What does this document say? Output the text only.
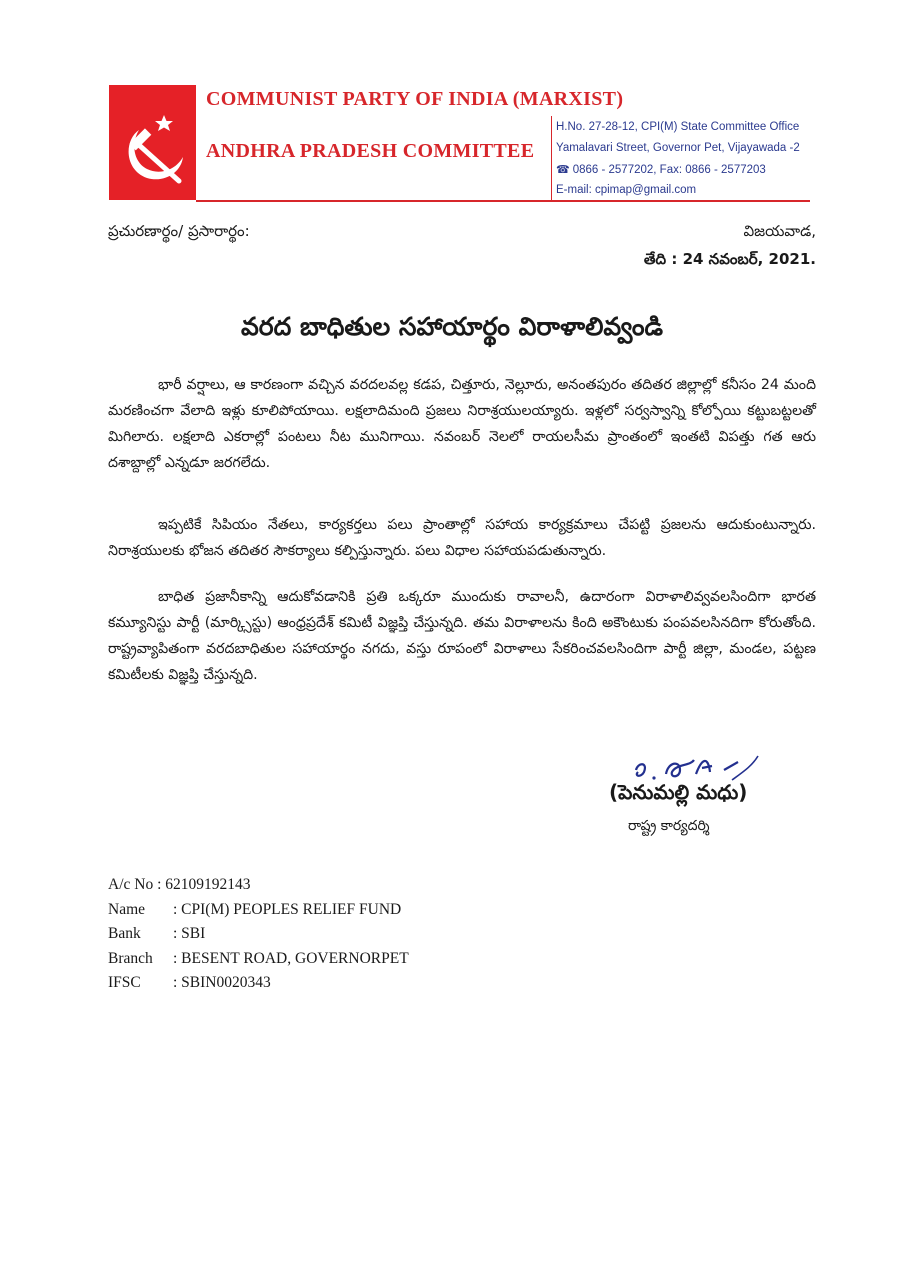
COMMUNIST PARTY OF INDIA (MARXIST)
ANDHRA PRADESH COMMITTEE
H.No. 27-28-12, CPI(M) State Committee Office
Yamalavari Street, Governor Pet, Vijayawada -2
☎ 0866 - 2577202, Fax: 0866 - 2577203
E-mail: cpimap@gmail.com
ప్రచురణార్థం/ ప్రసారార్థం:	విజయవాడ,
తేది : 24 నవంబర్, 2021.
వరద బాధితుల సహాయార్థం విరాళాలివ్వండి
భారీ వర్షాలు, ఆ కారణంగా వచ్చిన వరదలవల్ల కడప, చిత్తూరు, నెల్లూరు, అనంతపురం తదితర జిల్లాల్లో కనీసం 24 మంది మరణించగా వేలాది ఇళ్లు కూలిపోయాయి. లక్షలాదిమంది ప్రజలు నిరాశ్రయులయ్యారు. ఇళ్లలో సర్వస్వాన్ని కోల్పోయి కట్టుబట్టలతో మిగిలారు. లక్షలాది ఎకరాల్లో పంటలు నీట మునిగాయి. నవంబర్ నెలలో రాయలసీమ ప్రాంతంలో ఇంతటి విపత్తు గత ఆరు దశాబ్దాల్లో ఎన్నడూ జరగలేదు.
ఇప్పటికే సిపియం నేతలు, కార్యకర్తలు పలు ప్రాంతాల్లో సహాయ కార్యక్రమాలు చేపట్టి ప్రజలను ఆదుకుంటున్నారు. నిరాశ్రయులకు భోజన తదితర సౌకర్యాలు కల్పిస్తున్నారు. పలు విధాల సహాయపడుతున్నారు.
బాధిత ప్రజానీకాన్ని ఆదుకోవడానికి ప్రతి ఒక్కరూ ముందుకు రావాలనీ, ఉదారంగా విరాళాలివ్వవలసిందిగా భారత కమ్యూనిస్టు పార్టీ (మార్క్సిస్టు) ఆంధ్రప్రదేశ్ కమిటీ విజ్ఞప్తి చేస్తున్నది. తమ విరాళాలను కింది అకౌంటుకు పంపవలసినదిగా కోరుతోంది. రాష్ట్రవ్యాపితంగా వరదబాధితుల సహాయార్థం నగదు, వస్తు రూపంలో విరాళాలు సేకరించవలసిందిగా పార్టీ జిల్లా, మండల, పట్టణ కమిటీలకు విజ్ఞప్తి చేస్తున్నది.
(పెనుమల్లి మధు)
రాష్ట్ర కార్యదర్శి
A/c No : 62109192143
Name : CPI(M) PEOPLES RELIEF FUND
Bank : SBI
Branch : BESENT ROAD, GOVERNORPET
IFSC : SBIN0020343
